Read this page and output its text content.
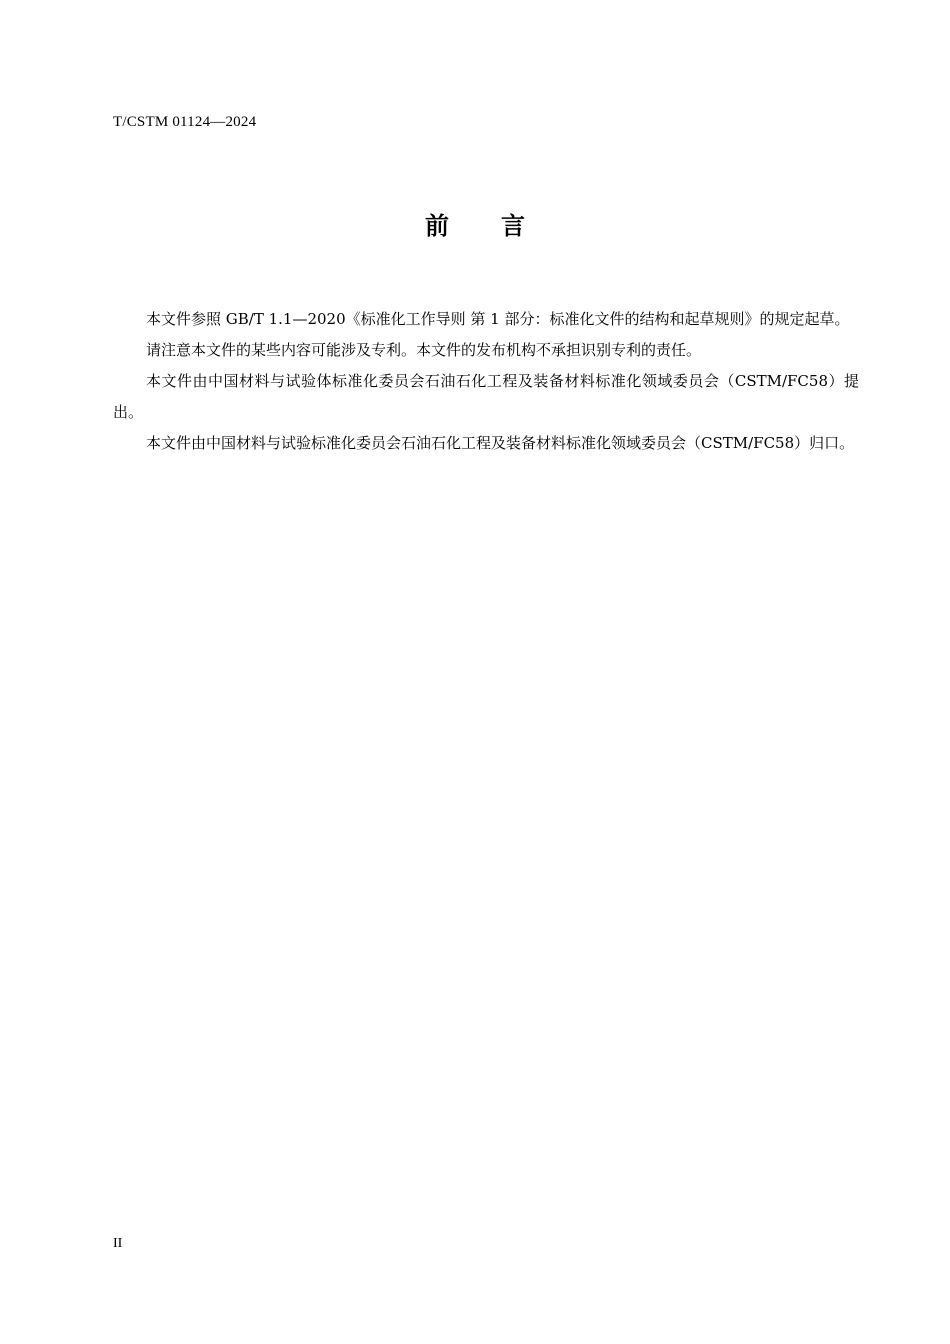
T/CSTM 01124—2024
前 言

本文件参照 GB/T 1.1—2020《标准化工作导则 第 1 部分：标准化文件的结构和起草规则》的规定起草。

请注意本文件的某些内容可能涉及专利。本文件的发布机构不承担识别专利的责任。

本文件由中国材料与试验体标准化委员会石油石化工程及装备材料标准化领域委员会（CSTM/FC58）提出。

本文件由中国材料与试验标准化委员会石油石化工程及装备材料标准化领域委员会（CSTM/FC58）归口。

II
